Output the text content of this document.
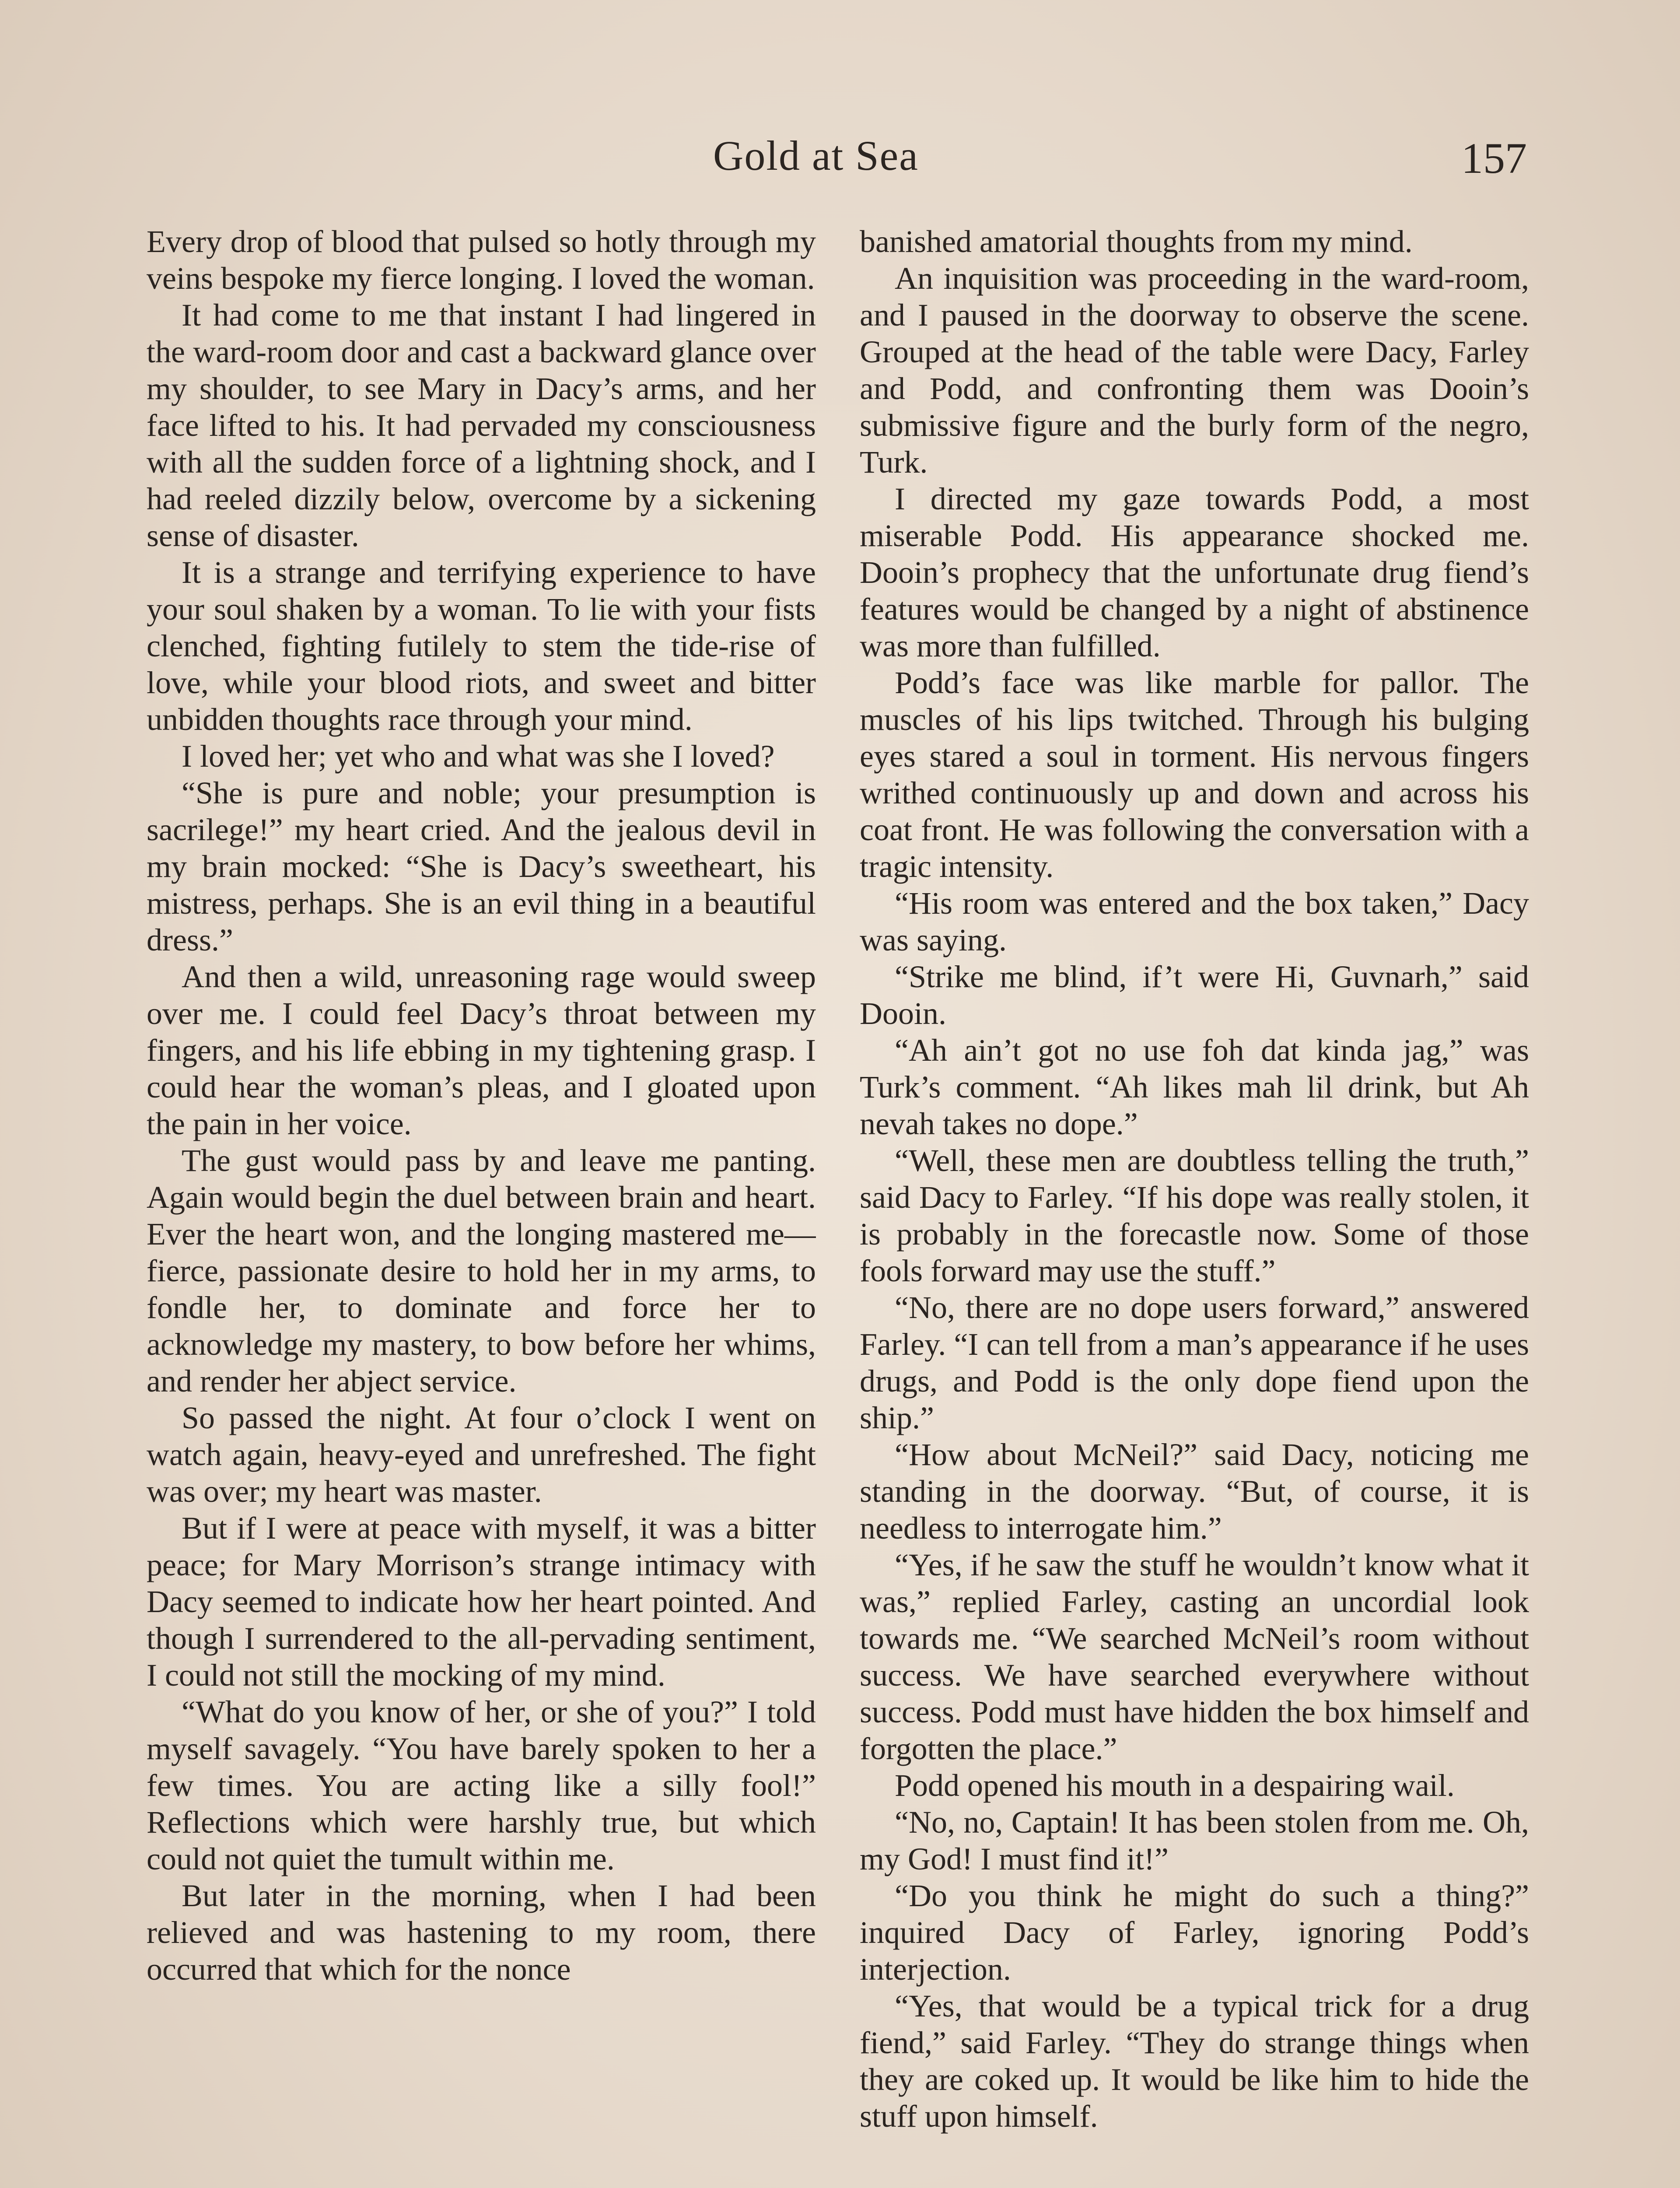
Gold at Sea	157

Every drop of blood that pulsed so hotly through my veins bespoke my fierce longing. I loved the woman.

It had come to me that instant I had lingered in the ward-room door and cast a backward glance over my shoulder, to see Mary in Dacy’s arms, and her face lifted to his. It had pervaded my consciousness with all the sudden force of a lightning shock, and I had reeled dizzily below, overcome by a sickening sense of disaster.

It is a strange and terrifying experience to have your soul shaken by a woman. To lie with your fists clenched, fighting futilely to stem the tide-rise of love, while your blood riots, and sweet and bitter unbidden thoughts race through your mind.

I loved her; yet who and what was she I loved?

“She is pure and noble; your presumption is sacrilege!” my heart cried. And the jealous devil in my brain mocked: “She is Dacy’s sweetheart, his mistress, perhaps. She is an evil thing in a beautiful dress.”

And then a wild, unreasoning rage would sweep over me. I could feel Dacy’s throat between my fingers, and his life ebbing in my tightening grasp. I could hear the woman’s pleas, and I gloated upon the pain in her voice.

The gust would pass by and leave me panting. Again would begin the duel between brain and heart. Ever the heart won, and the longing mastered me—fierce, passionate desire to hold her in my arms, to fondle her, to dominate and force her to acknowledge my mastery, to bow before her whims, and render her abject service.

So passed the night. At four o’clock I went on watch again, heavy-eyed and unrefreshed. The fight was over; my heart was master.

But if I were at peace with myself, it was a bitter peace; for Mary Morrison’s strange intimacy with Dacy seemed to indicate how her heart pointed. And though I surrendered to the all-pervading sentiment, I could not still the mocking of my mind.

“What do you know of her, or she of you?” I told myself savagely. “You have barely spoken to her a few times. You are acting like a silly fool!” Reflections which were harshly true, but which could not quiet the tumult within me.

But later in the morning, when I had been relieved and was hastening to my room, there occurred that which for the nonce

banished amatorial thoughts from my mind.

An inquisition was proceeding in the ward-room, and I paused in the doorway to observe the scene. Grouped at the head of the table were Dacy, Farley and Podd, and confronting them was Dooin’s submissive figure and the burly form of the negro, Turk.

I directed my gaze towards Podd, a most miserable Podd. His appearance shocked me. Dooin’s prophecy that the unfortunate drug fiend’s features would be changed by a night of abstinence was more than fulfilled.

Podd’s face was like marble for pallor. The muscles of his lips twitched. Through his bulging eyes stared a soul in torment. His nervous fingers writhed continuously up and down and across his coat front. He was following the conversation with a tragic intensity.

“His room was entered and the box taken,” Dacy was saying.

“Strike me blind, if’t were Hi, Guvnarh,” said Dooin.

“Ah ain’t got no use foh dat kinda jag,” was Turk’s comment. “Ah likes mah lil drink, but Ah nevah takes no dope.”

“Well, these men are doubtless telling the truth,” said Dacy to Farley. “If his dope was really stolen, it is probably in the forecastle now. Some of those fools forward may use the stuff.”

“No, there are no dope users forward,” answered Farley. “I can tell from a man’s appearance if he uses drugs, and Podd is the only dope fiend upon the ship.”

“How about McNeil?” said Dacy, noticing me standing in the doorway. “But, of course, it is needless to interrogate him.”

“Yes, if he saw the stuff he wouldn’t know what it was,” replied Farley, casting an uncordial look towards me. “We searched McNeil’s room without success. We have searched everywhere without success. Podd must have hidden the box himself and forgotten the place.”

Podd opened his mouth in a despairing wail.

“No, no, Captain! It has been stolen from me. Oh, my God! I must find it!”

“Do you think he might do such a thing?” inquired Dacy of Farley, ignoring Podd’s interjection.

“Yes, that would be a typical trick for a drug fiend,” said Farley. “They do strange things when they are coked up. It would be like him to hide the stuff upon himself.
